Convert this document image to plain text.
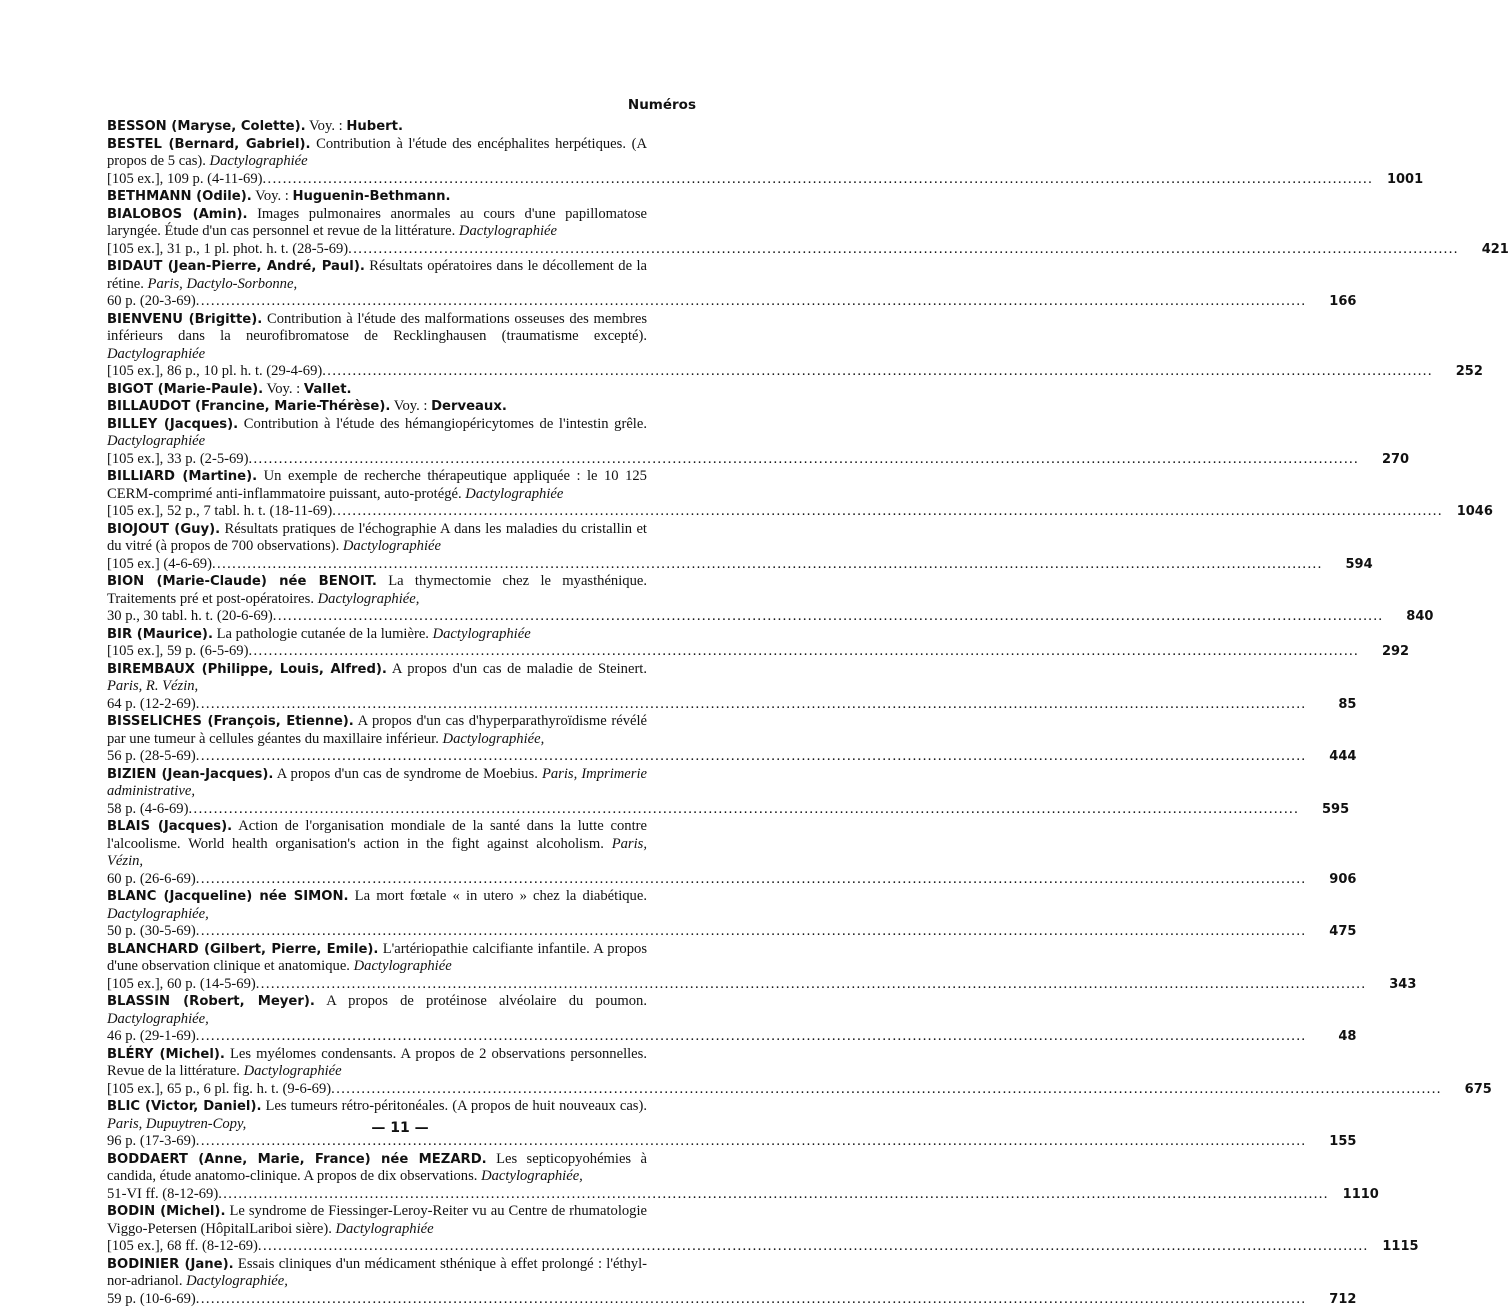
Numéros
BESSON (Maryse, Colette). Voy. : Hubert.
BESTEL (Bernard, Gabriel). Contribution à l'étude des encéphalites herpétiques. (A propos de 5 cas). Dactylographiée
[105 ex.], 109 p. (4-11-69) ............................................................................................................................................................................................................................	1001
BETHMANN (Odile). Voy. : Huguenin-Bethmann.
BIALOBOS (Amin). Images pulmonaires anormales au cours d'une papillomatose laryngée. Étude d'un cas personnel et revue de la littérature. Dactylographiée
[105 ex.], 31 p., 1 pl. phot. h. t. (28-5-69) ............................................................................................................................................................................................................................	421
BIDAUT (Jean-Pierre, André, Paul). Résultats opératoires dans le décollement de la rétine. Paris, Dactylo-Sorbonne,
60 p. (20-3-69) ............................................................................................................................................................................................................................	166
BIENVENU (Brigitte). Contribution à l'étude des malformations osseuses des membres inférieurs dans la neurofibromatose de Recklinghausen (traumatisme excepté). Dactylographiée
[105 ex.], 86 p., 10 pl. h. t. (29-4-69) ............................................................................................................................................................................................................................	252
BIGOT (Marie-Paule). Voy. : Vallet.
BILLAUDOT (Francine, Marie-Thérèse). Voy. : Derveaux.
BILLEY (Jacques). Contribution à l'étude des hémangiopéricytomes de l'intestin grêle. Dactylographiée
[105 ex.], 33 p. (2-5-69) ............................................................................................................................................................................................................................	270
BILLIARD (Martine). Un exemple de recherche thérapeutique appliquée : le 10 125 CERM-comprimé anti-inflammatoire puissant, auto-protégé. Dactylographiée
[105 ex.], 52 p., 7 tabl. h. t. (18-11-69) ............................................................................................................................................................................................................................	1046
BIOJOUT (Guy). Résultats pratiques de l'échographie A dans les maladies du cristallin et du vitré (à propos de 700 observations). Dactylographiée
[105 ex.] (4-6-69) ............................................................................................................................................................................................................................	594
BION (Marie-Claude) née BENOIT. La thymectomie chez le myasthénique. Traitements pré et post-opératoires. Dactylographiée,
30 p., 30 tabl. h. t. (20-6-69) ............................................................................................................................................................................................................................	840
BIR (Maurice). La pathologie cutanée de la lumière. Dactylographiée
[105 ex.], 59 p. (6-5-69) ............................................................................................................................................................................................................................	292
BIREMBAUX (Philippe, Louis, Alfred). A propos d'un cas de maladie de Steinert. Paris, R. Vézin,
64 p. (12-2-69) ............................................................................................................................................................................................................................	85
BISSELICHES (François, Etienne). A propos d'un cas d'hyperparathyroïdisme révélé par une tumeur à cellules géantes du maxillaire inférieur. Dactylographiée,
56 p. (28-5-69) ............................................................................................................................................................................................................................	444
BIZIEN (Jean-Jacques). A propos d'un cas de syndrome de Moebius. Paris, Imprimerie administrative,
58 p. (4-6-69) ............................................................................................................................................................................................................................	595
BLAIS (Jacques). Action de l'organisation mondiale de la santé dans la lutte contre l'alcoolisme. World health organisation's action in the fight against alcoholism. Paris, Vézin,
60 p. (26-6-69) ............................................................................................................................................................................................................................	906
BLANC (Jacqueline) née SIMON. La mort fœtale « in utero » chez la diabétique. Dactylographiée,
50 p. (30-5-69) ............................................................................................................................................................................................................................	475
BLANCHARD (Gilbert, Pierre, Emile). L'artériopathie calcifiante infantile. A propos d'une observation clinique et anatomique. Dactylographiée
[105 ex.], 60 p. (14-5-69) ............................................................................................................................................................................................................................	343
BLASSIN (Robert, Meyer). A propos de protéinose alvéolaire du poumon. Dactylographiée,
46 p. (29-1-69) ............................................................................................................................................................................................................................	48
BLÉRY (Michel). Les myélomes condensants. A propos de 2 observations personnelles. Revue de la littérature. Dactylographiée
[105 ex.], 65 p., 6 pl. fig. h. t. (9-6-69) ............................................................................................................................................................................................................................	675
BLIC (Victor, Daniel). Les tumeurs rétro-péritonéales. (A propos de huit nouveaux cas). Paris, Dupuytren-Copy,
96 p. (17-3-69) ............................................................................................................................................................................................................................	155
BODDAERT (Anne, Marie, France) née MEZARD. Les septicopyohémies à candida, étude anatomo-clinique. A propos de dix observations. Dactylographiée,
51-VI ff. (8-12-69) ............................................................................................................................................................................................................................	1110
BODIN (Michel). Le syndrome de Fiessinger-Leroy-Reiter vu au Centre de rhumatologie Viggo-Petersen (HôpitalLariboi sière). Dactylographiée
[105 ex.], 68 ff. (8-12-69) ............................................................................................................................................................................................................................	1115
BODINIER (Jane). Essais cliniques d'un médicament sthénique à effet prolongé : l'éthyl-nor-adrianol. Dactylographiée,
59 p. (10-6-69) ............................................................................................................................................................................................................................	712
— 11 —
